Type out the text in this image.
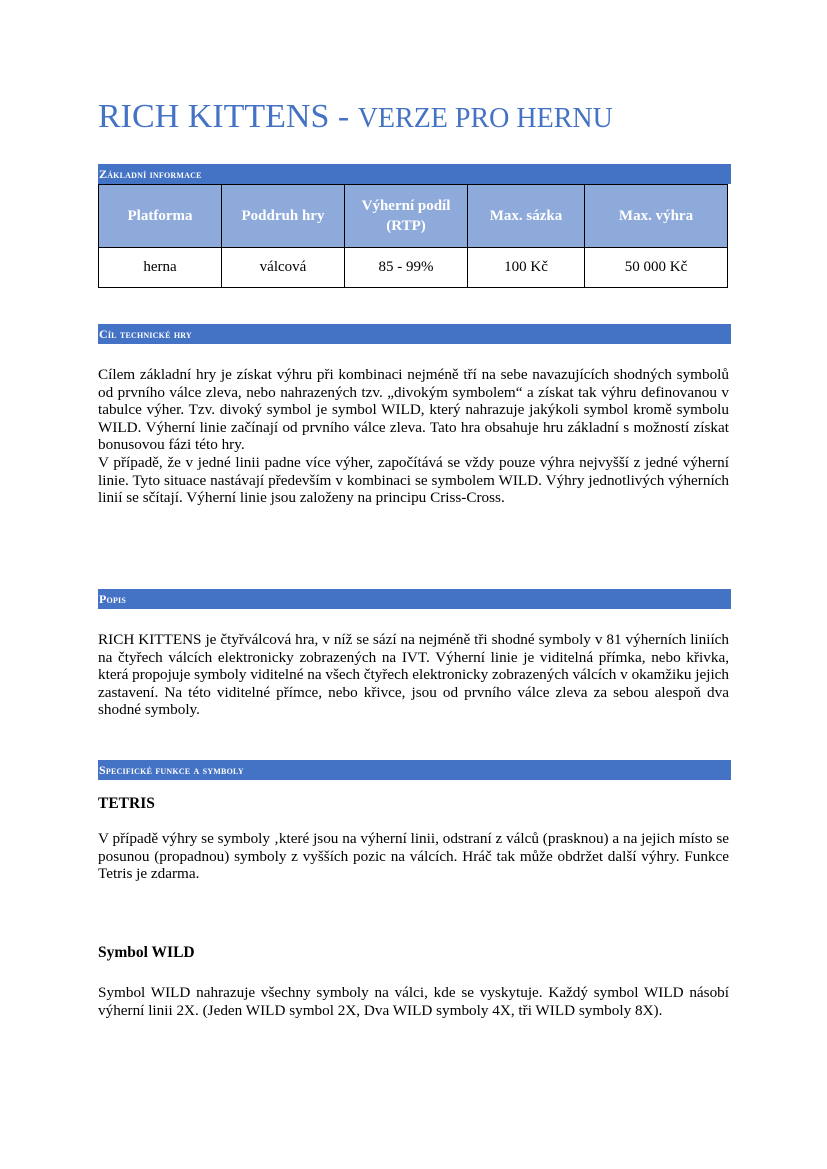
RICH KITTENS - VERZE PRO HERNU
Základní informace
Platforma	Poddruh hry	Výherní podíl (RTP)	Max. sázka	Max. výhra
herna	válcová	85 - 99%	100 Kč	50 000 Kč
Cíl technické hry

Cílem základní hry je získat výhru při kombinaci nejméně tří na sebe navazujících shodných symbolů od prvního válce zleva, nebo nahrazených tzv. „divokým symbolem“ a získat tak výhru definovanou v tabulce výher. Tzv. divoký symbol je symbol WILD, který nahrazuje jakýkoli symbol kromě symbolu WILD. Výherní linie začínají od prvního válce zleva. Tato hra obsahuje hru základní s možností získat bonusovou fázi této hry.
V případě, že v jedné linii padne více výher, započítává se vždy pouze výhra nejvyšší z jedné výherní linie. Tyto situace nastávají především v kombinaci se symbolem WILD. Výhry jednotlivých výherních linií se sčítají. Výherní linie jsou založeny na principu Criss-Cross.

Popis

RICH KITTENS je čtyřválcová hra, v níž se sází na nejméně tři shodné symboly v 81 výherních liniích na čtyřech válcích elektronicky zobrazených na IVT. Výherní linie je viditelná přímka, nebo křivka, která propojuje symboly viditelné na všech čtyřech elektronicky zobrazených válcích v okamžiku jejich zastavení. Na této viditelné přímce, nebo křivce, jsou od prvního válce zleva za sebou alespoň dva shodné symboly.

Specifické funkce a symboly
TETRIS

V případě výhry se symboly ‚které jsou na výherní linii, odstraní z válců (prasknou) a na jejich místo se posunou (propadnou) symboly z vyšších pozic na válcích. Hráč tak může obdržet další výhry. Funkce Tetris je zdarma.

Symbol WILD

Symbol WILD nahrazuje všechny symboly na válci, kde se vyskytuje. Každý symbol WILD násobí výherní linii 2X. (Jeden WILD symbol 2X, Dva WILD symboly 4X, tři WILD symboly 8X).
